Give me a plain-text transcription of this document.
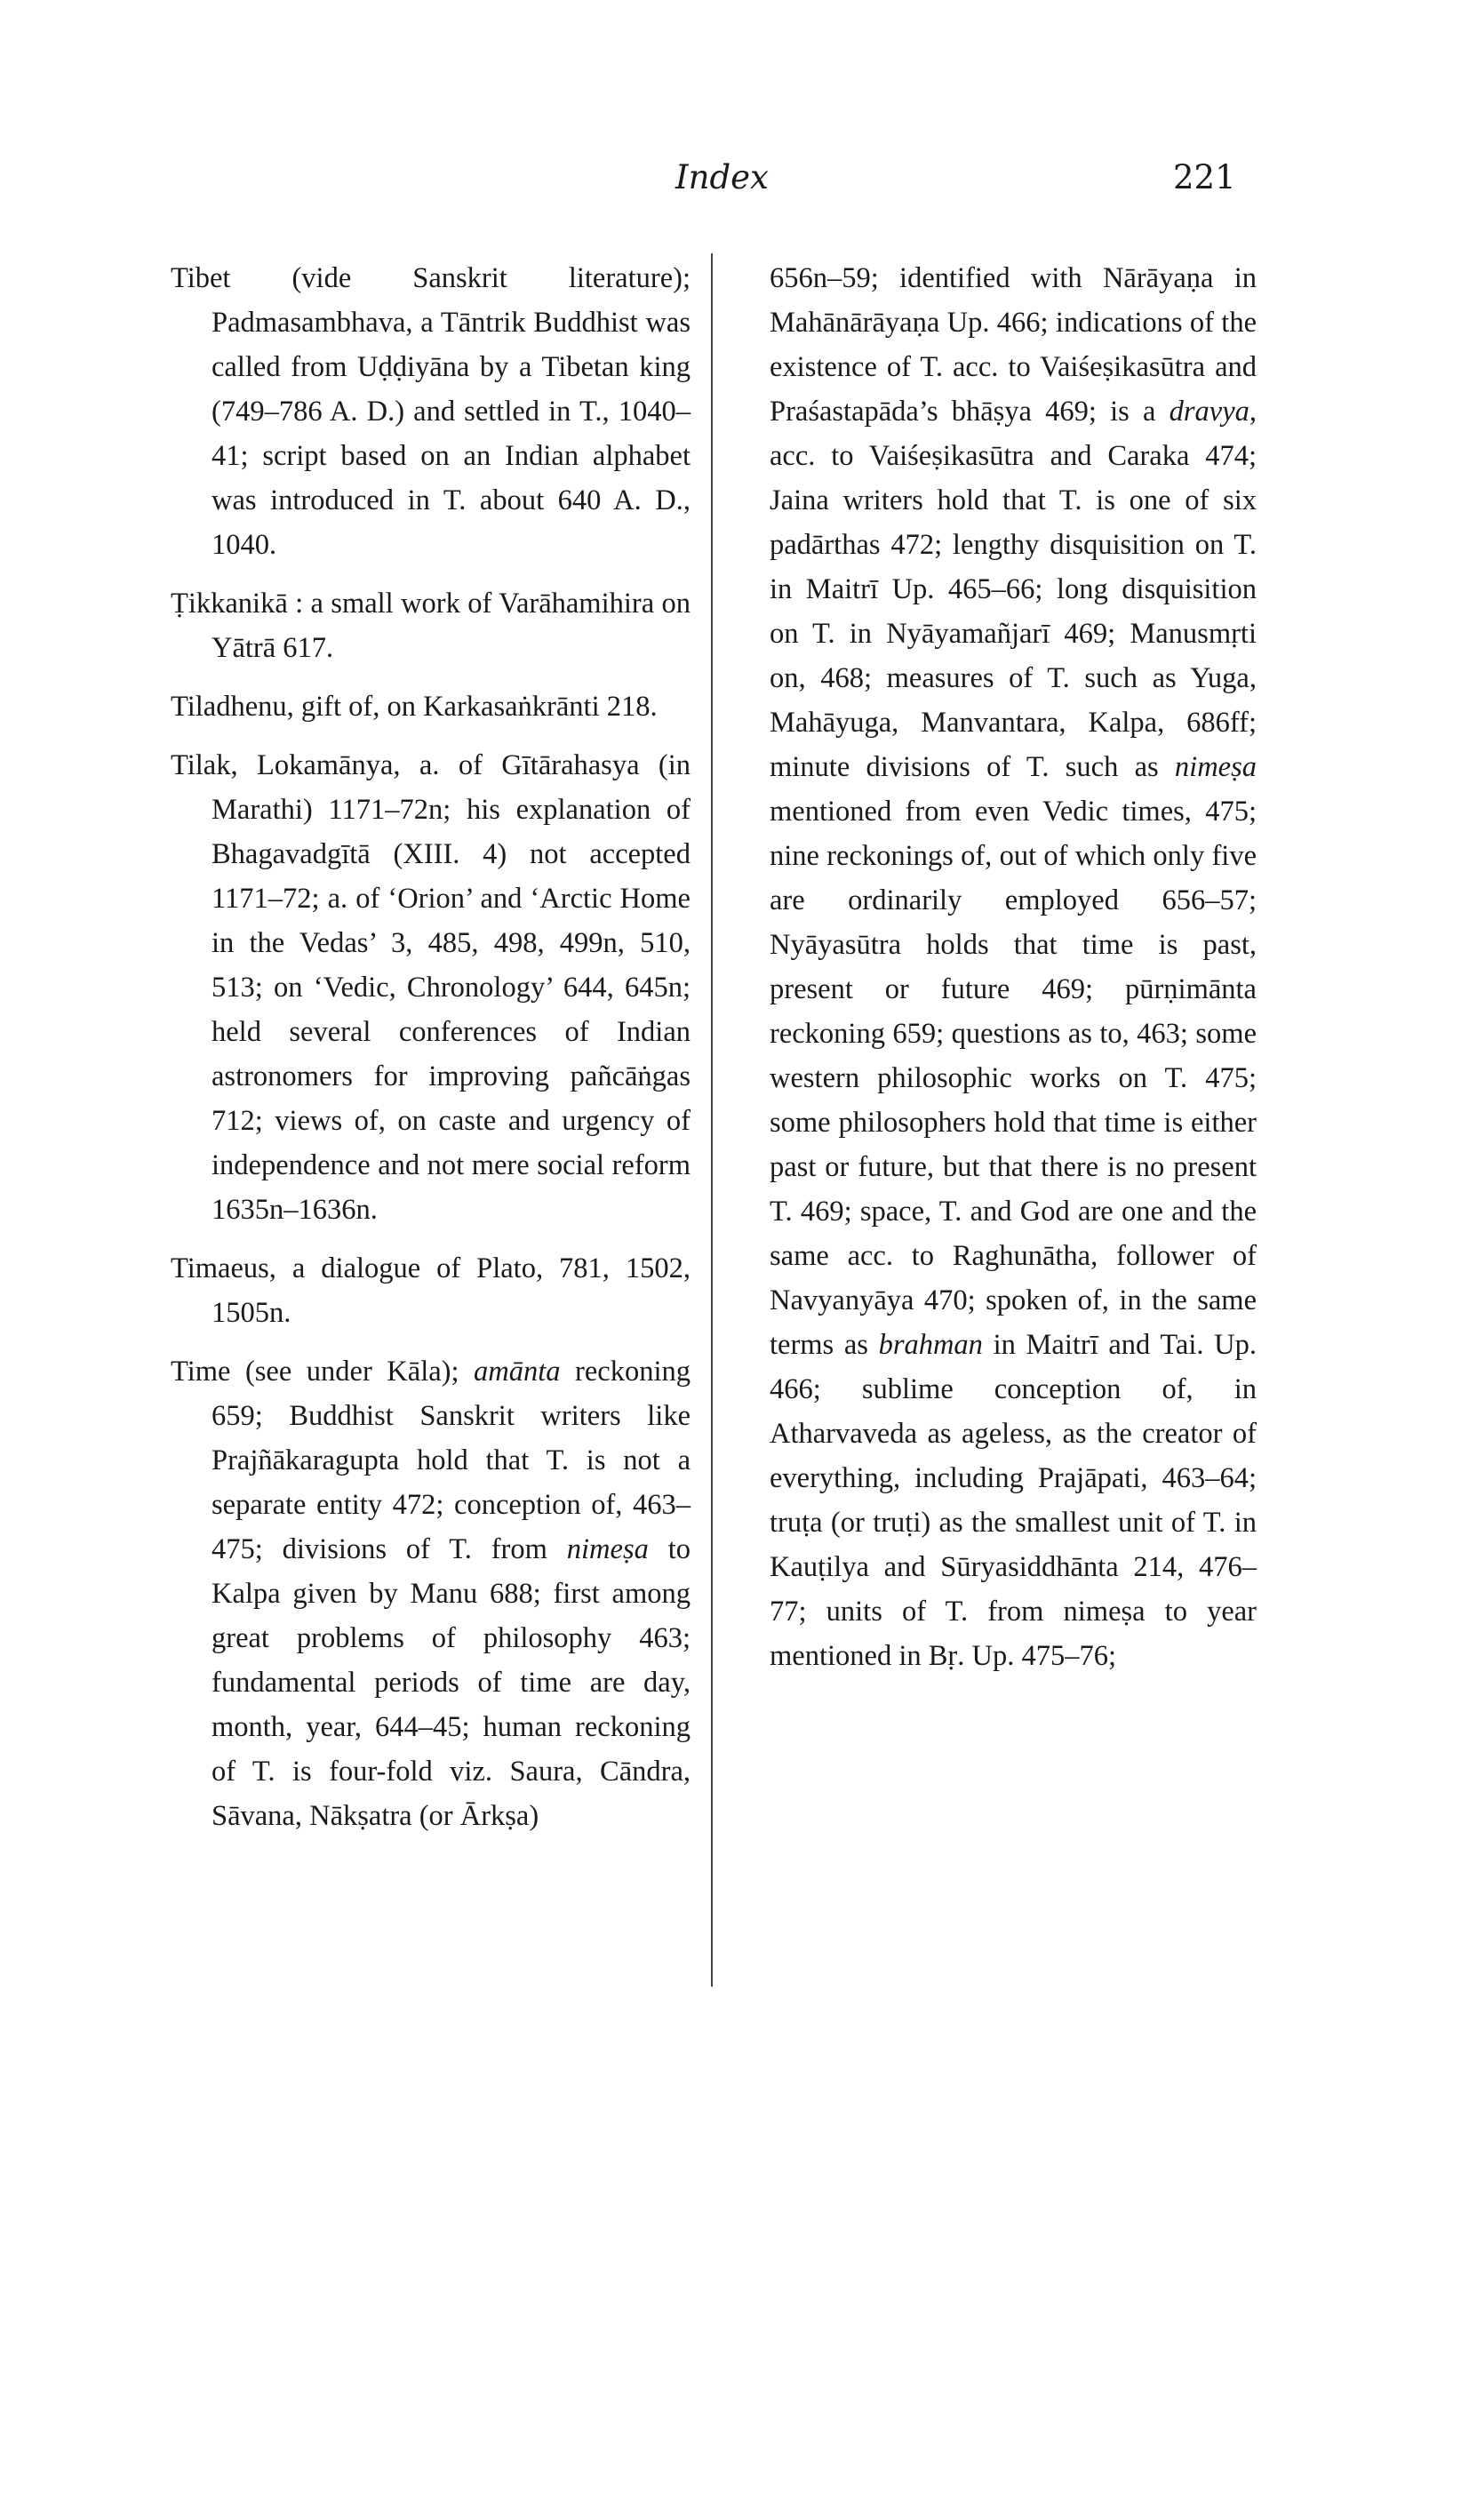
Index	221

Tibet (vide Sanskrit literature); Padmasambhava, a Tāntrik Buddhist was called from Uḍḍiyāna by a Tibetan king (749–786 A. D.) and settled in T., 1040–41; script based on an Indian alphabet was introduced in T. about 640 A. D., 1040.

Ṭikkanikā : a small work of Varāhamihira on Yātrā 617.

Tiladhenu, gift of, on Karkasaṅkrānti 218.

Tilak, Lokamānya, a. of Gītārahasya (in Marathi) 1171–72n; his explanation of Bhagavadgītā (XIII. 4) not accepted 1171–72; a. of ‘Orion’ and ‘Arctic Home in the Vedas’ 3, 485, 498, 499n, 510, 513; on ‘Vedic, Chronology’ 644, 645n; held several conferences of Indian astronomers for improving pañcāṅgas 712; views of, on caste and urgency of independence and not mere social reform 1635n–1636n.

Timaeus, a dialogue of Plato, 781, 1502, 1505n.

Time (see under Kāla); amānta reckoning 659; Buddhist Sanskrit writers like Prajñākaragupta hold that T. is not a separate entity 472; conception of, 463–475; divisions of T. from nimeṣa to Kalpa given by Manu 688; first among great problems of philosophy 463; fundamental periods of time are day, month, year, 644–45; human reckoning of T. is four-fold viz. Saura, Cāndra, Sāvana, Nākṣatra (or Ārkṣa)

656n–59; identified with Nārāyaṇa in Mahānārāyaṇa Up. 466; indications of the existence of T. acc. to Vaiśeṣikasūtra and Praśastapāda’s bhāṣya 469; is a dravya, acc. to Vaiśeṣikasūtra and Caraka 474; Jaina writers hold that T. is one of six padārthas 472; lengthy disquisition on T. in Maitrī Up. 465–66; long disquisition on T. in Nyāyamañjarī 469; Manusmṛti on, 468; measures of T. such as Yuga, Mahāyuga, Manvantara, Kalpa, 686ff; minute divisions of T. such as nimeṣa mentioned from even Vedic times, 475; nine reckonings of, out of which only five are ordinarily employed 656–57; Nyāyasūtra holds that time is past, present or future 469; pūrṇimānta reckoning 659; questions as to, 463; some western philosophic works on T. 475; some philosophers hold that time is either past or future, but that there is no present T. 469; space, T. and God are one and the same acc. to Raghunātha, follower of Navyanyāya 470; spoken of, in the same terms as brahman in Maitrī and Tai. Up. 466; sublime conception of, in Atharvaveda as ageless, as the creator of everything, including Prajāpati, 463–64; truṭa (or truṭi) as the smallest unit of T. in Kauṭilya and Sūryasiddhānta 214, 476–77; units of T. from nimeṣa to year mentioned in Bṛ. Up. 475–76;
